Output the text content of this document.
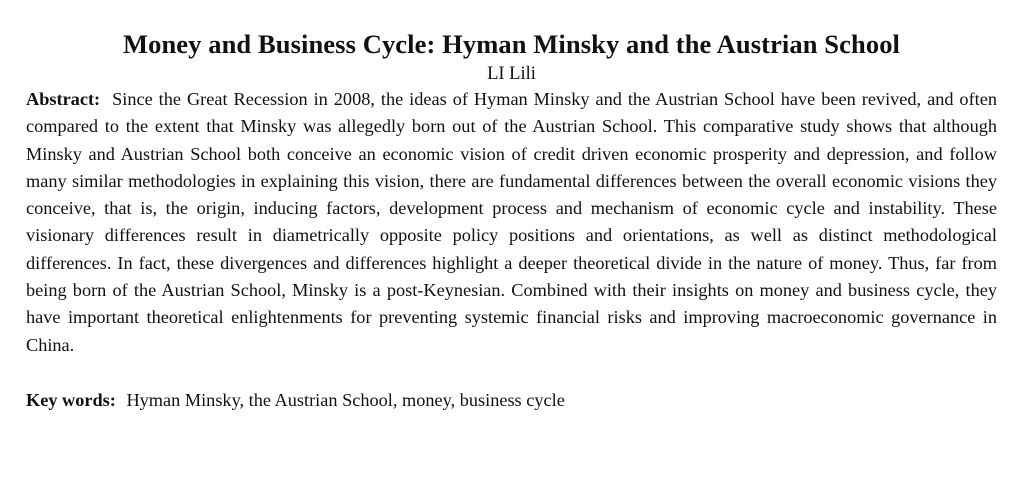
Money and Business Cycle: Hyman Minsky and the Austrian School
LI Lili

Abstract: Since the Great Recession in 2008, the ideas of Hyman Minsky and the Austrian School have been revived, and often compared to the extent that Minsky was allegedly born out of the Austrian School. This comparative study shows that although Minsky and Austrian School both conceive an economic vision of credit driven economic prosperity and depression, and follow many similar methodologies in explaining this vision, there are fundamental differences between the overall economic visions they conceive, that is, the origin, inducing factors, development process and mechanism of economic cycle and instability. These visionary differences result in diametrically opposite policy positions and orientations, as well as distinct methodological differences. In fact, these divergences and differences highlight a deeper theoretical divide in the nature of money. Thus, far from being born of the Austrian School, Minsky is a post-Keynesian. Combined with their insights on money and business cycle, they have important theoretical enlightenments for preventing systemic financial risks and improving macroeconomic governance in China.

Key words: Hyman Minsky, the Austrian School, money, business cycle
